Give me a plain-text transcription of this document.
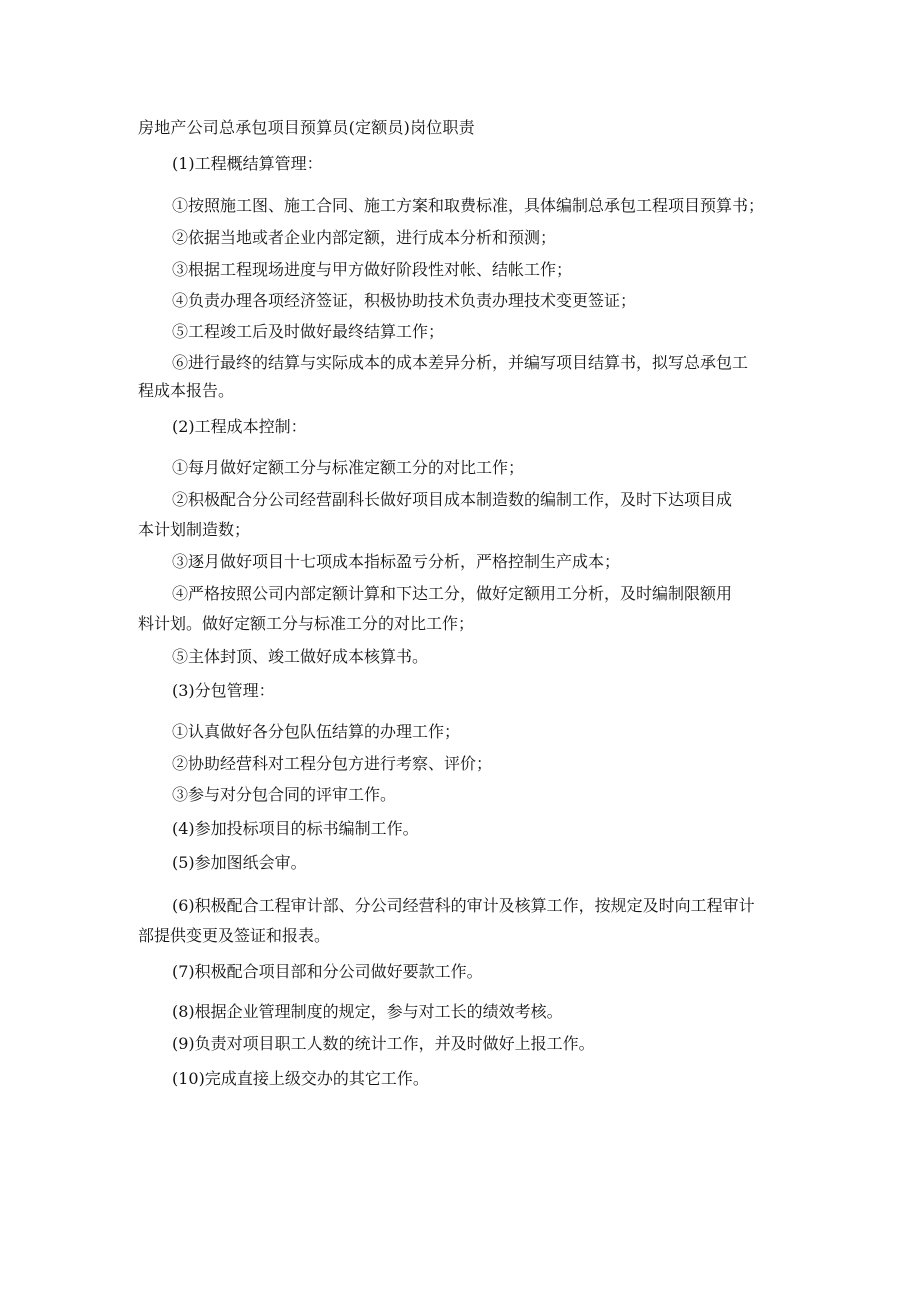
房地产公司总承包项目预算员(定额员)岗位职责
(1)工程概结算管理：
①按照施工图、施工合同、施工方案和取费标准，具体编制总承包工程项目预算书；
②依据当地或者企业内部定额，进行成本分析和预测；
③根据工程现场进度与甲方做好阶段性对帐、结帐工作；
④负责办理各项经济签证，积极协助技术负责办理技术变更签证；
⑤工程竣工后及时做好最终结算工作；
⑥进行最终的结算与实际成本的成本差异分析，并编写项目结算书，拟写总承包工
程成本报告。
(2)工程成本控制：
①每月做好定额工分与标准定额工分的对比工作；
②积极配合分公司经营副科长做好项目成本制造数的编制工作，及时下达项目成
本计划制造数；
③逐月做好项目十七项成本指标盈亏分析，严格控制生产成本；
④严格按照公司内部定额计算和下达工分，做好定额用工分析，及时编制限额用
料计划。做好定额工分与标准工分的对比工作；
⑤主体封顶、竣工做好成本核算书。
(3)分包管理：
①认真做好各分包队伍结算的办理工作；
②协助经营科对工程分包方进行考察、评价；
③参与对分包合同的评审工作。
(4)参加投标项目的标书编制工作。
(5)参加图纸会审。
(6)积极配合工程审计部、分公司经营科的审计及核算工作，按规定及时向工程审计
部提供变更及签证和报表。
(7)积极配合项目部和分公司做好要款工作。
(8)根据企业管理制度的规定，参与对工长的绩效考核。
(9)负责对项目职工人数的统计工作，并及时做好上报工作。
(10)完成直接上级交办的其它工作。
